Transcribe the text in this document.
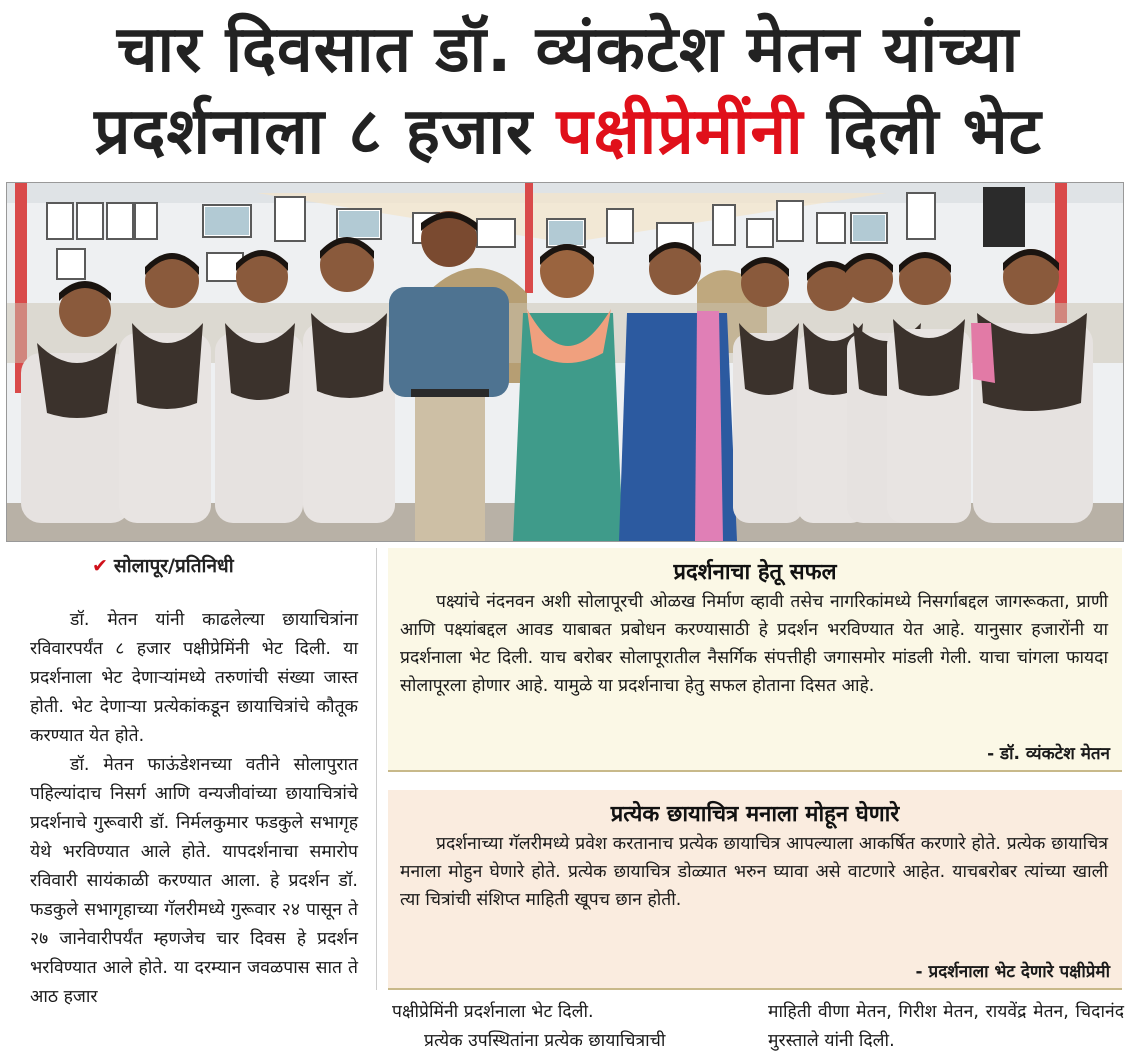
चार दिवसात डॉ. व्यंकटेश मेतन यांच्या
प्रदर्शनाला ८ हजार पक्षीप्रेमींनी दिली भेट
✔ सोलापूर/प्रतिनिधी

डॉ. मेतन यांनी काढलेल्या छायाचित्रांना रविवारपर्यंत ८ हजार पक्षीप्रेमिंनी भेट दिली. या प्रदर्शनाला भेट देणाऱ्यांमध्ये तरुणांची संख्या जास्त होती. भेट देणाऱ्या प्रत्येकांकडून छायाचित्रांचे कौतूक करण्यात येत होते.

डॉ. मेतन फाऊंडेशनच्या वतीने सोलापुरात पहिल्यांदाच निसर्ग आणि वन्यजीवांच्या छायाचित्रांचे प्रदर्शनाचे गुरूवारी डॉ. निर्मलकुमार फडकुले सभागृह येथे भरविण्यात आले होते. यापदर्शनाचा समारोप रविवारी सायंकाळी करण्यात आला. हे प्रदर्शन डॉ. फडकुले सभागृहाच्या गॅलरीमध्ये गुरूवार २४ पासून ते २७ जानेवारीपर्यंत म्हणजेच चार दिवस हे प्रदर्शन भरविण्यात आले होते. या दरम्यान जवळपास सात ते आठ हजार

प्रदर्शनाचा हेतू सफल
पक्ष्यांचे नंदनवन अशी सोलापूरची ओळख निर्माण व्हावी तसेच नागरिकांमध्ये निसर्गाबद्दल जागरूकता, प्राणी आणि पक्ष्यांबद्दल आवड याबाबत प्रबोधन करण्यासाठी हे प्रदर्शन भरविण्यात येत आहे. यानुसार हजारोंनी या प्रदर्शनाला भेट दिली. याच बरोबर सोलापूरातील नैसर्गिक संपत्तीही जगासमोर मांडली गेली. याचा चांगला फायदा सोलापूरला होणार आहे. यामुळे या प्रदर्शनाचा हेतु सफल होताना दिसत आहे.
- डॉ. व्यंकटेश मेतन
प्रत्येक छायाचित्र मनाला मोहून घेणारे
प्रदर्शनाच्या गॅलरीमध्ये प्रवेश करतानाच प्रत्येक छायाचित्र आपल्याला आकर्षित करणारे होते. प्रत्येक छायाचित्र मनाला मोहुन घेणारे होते. प्रत्येक छायाचित्र डोळ्यात भरुन घ्यावा असे वाटणारे आहेत. याचबरोबर त्यांच्या खाली त्या चित्रांची संशिप्त माहिती खूपच छान होती.
- प्रदर्शनाला भेट देणारे पक्षीप्रेमी

पक्षीप्रेमिंनी प्रदर्शनाला भेट दिली.

प्रत्येक उपस्थितांना प्रत्येक छायाचित्राची

माहिती वीणा मेतन, गिरीश मेतन, रायवेंद्र मेतन, चिदानंद मुरस्ताले यांनी दिली.
